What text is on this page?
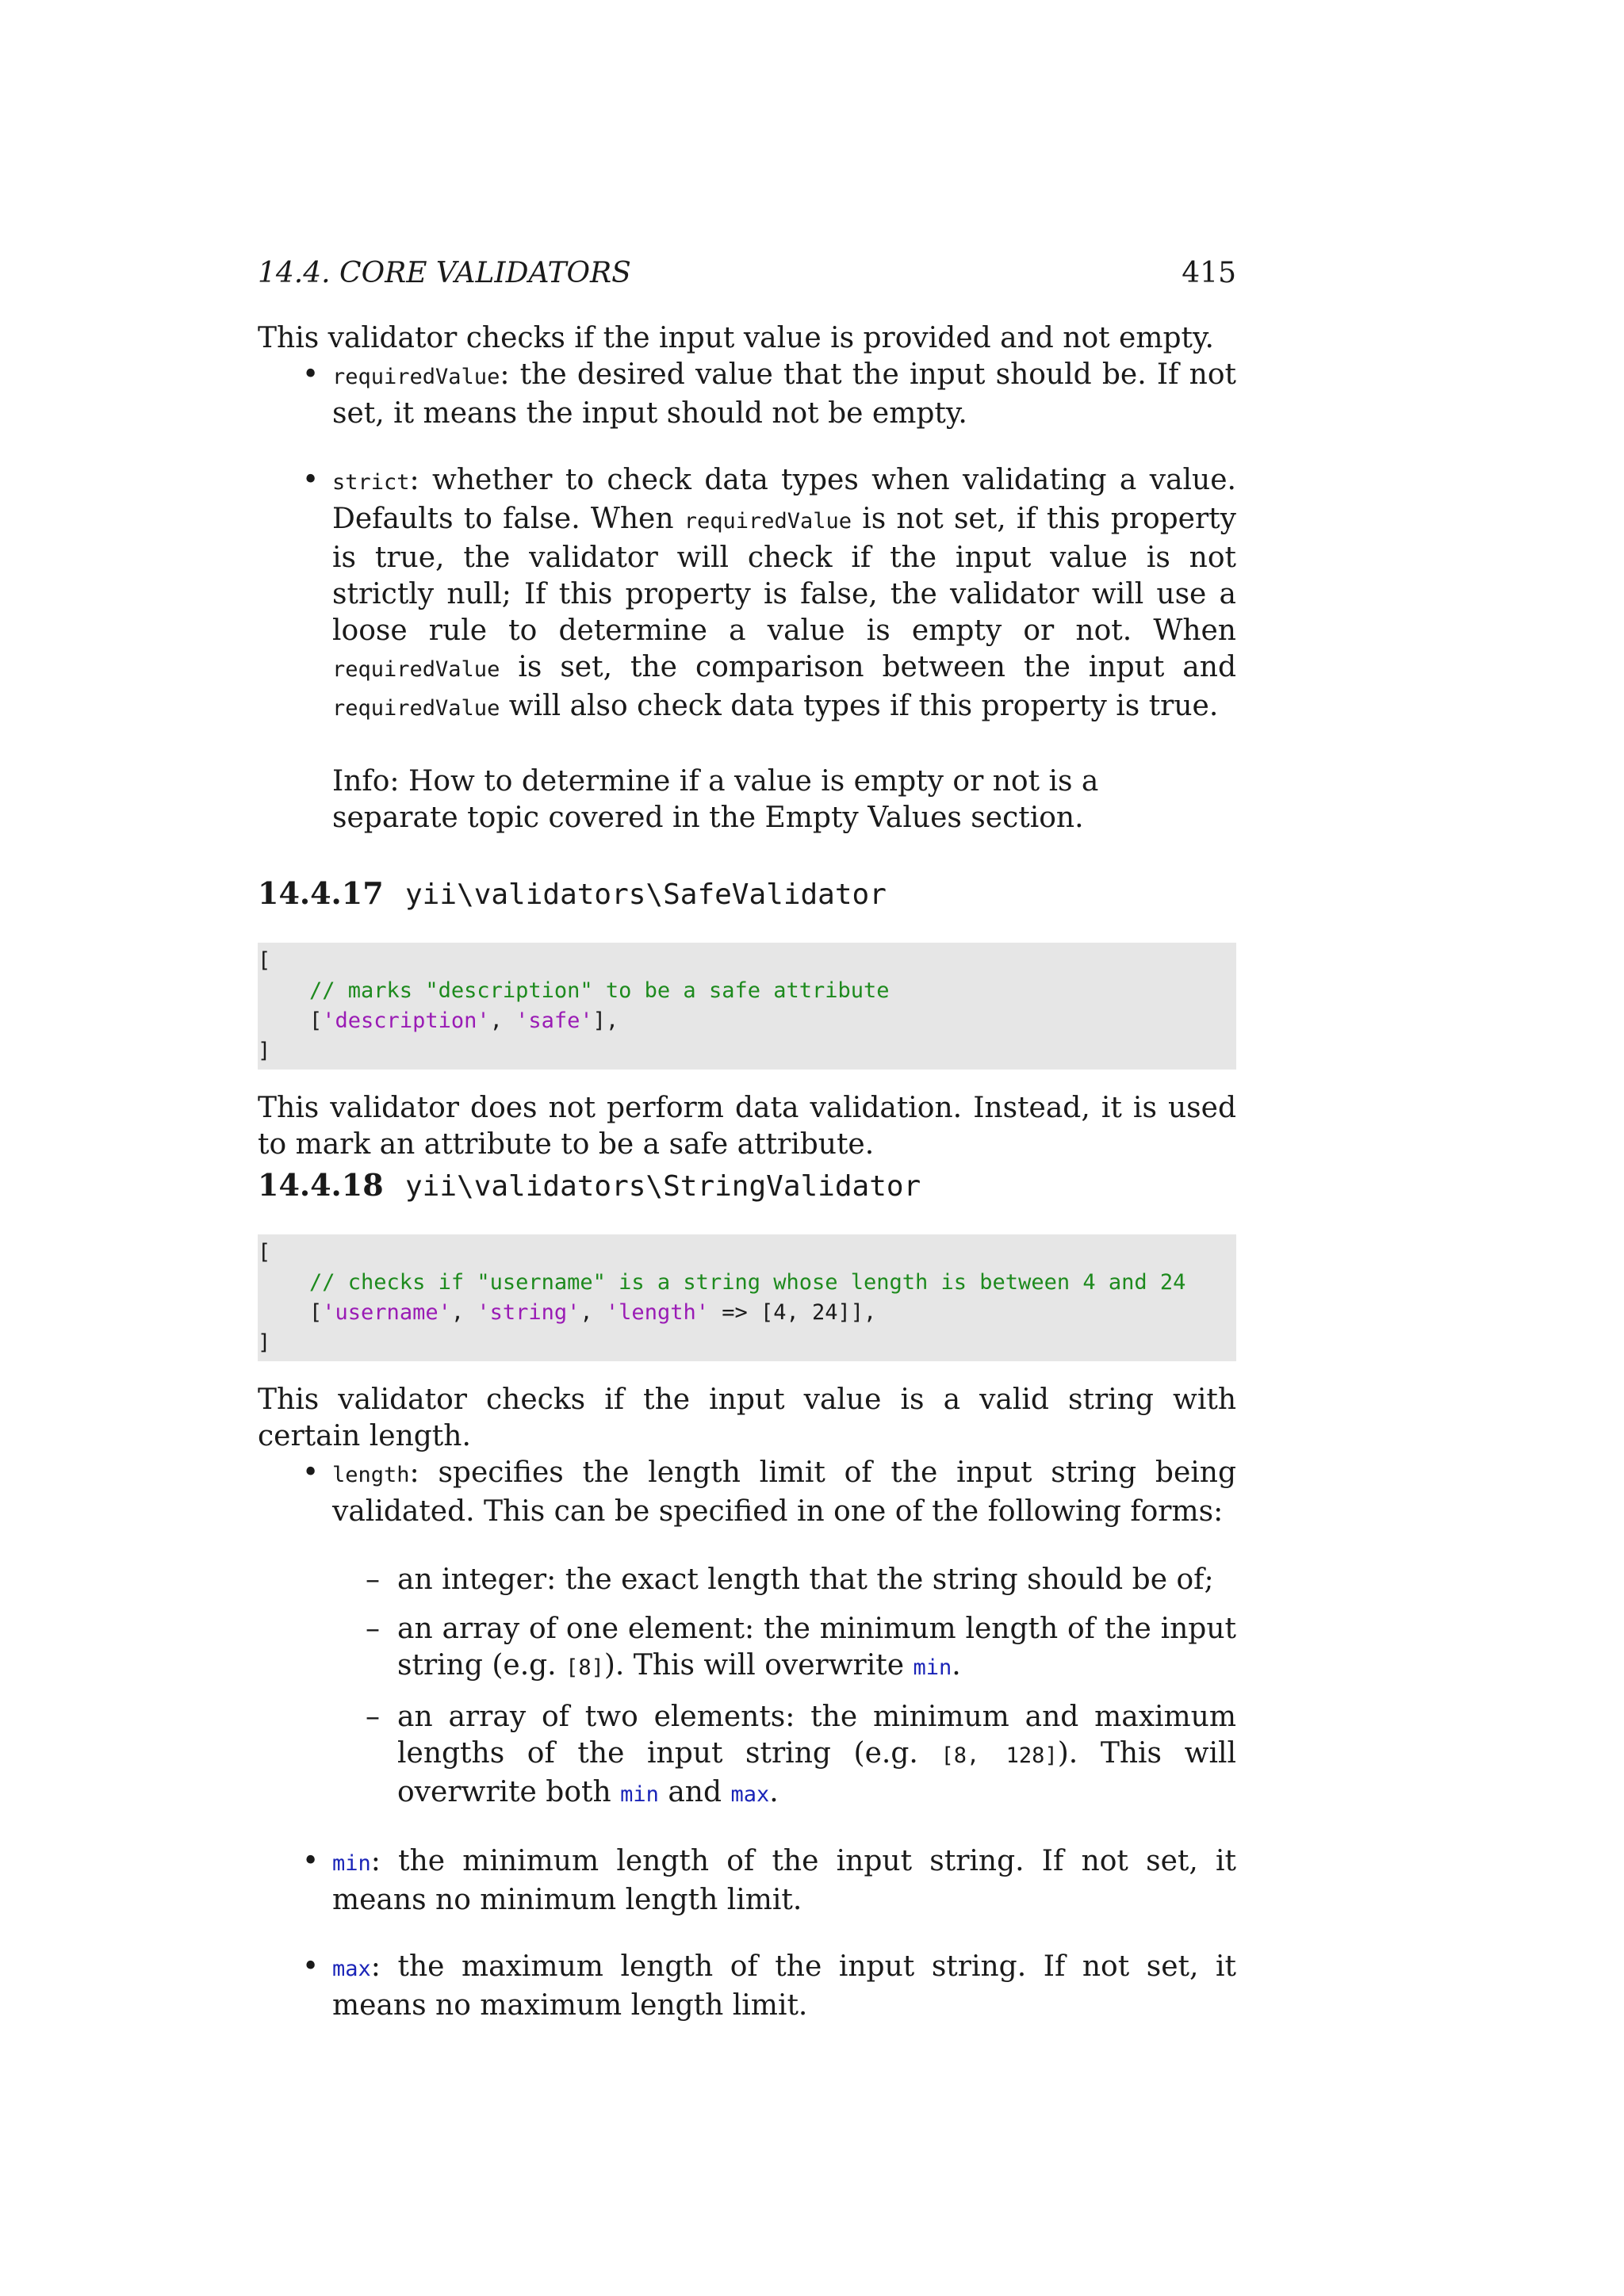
14.4. CORE VALIDATORS	415

This validator checks if the input value is provided and not empty.

• requiredValue: the desired value that the input should be. If not set, it means the input should not be empty.
• strict: whether to check data types when validating a value. Defaults to false. When requiredValue is not set, if this property is true, the validator will check if the input value is not strictly null; If this property is false, the validator will use a loose rule to determine a value is empty or not. When requiredValue is set, the comparison between the input and requiredValue will also check data types if this property is true.

Info: How to determine if a value is empty or not is a separate topic covered in the Empty Values section.

14.4.17 yii\validators\SafeValidator
[
// marks "description" to be a safe attribute
['description', 'safe'],
]

This validator does not perform data validation. Instead, it is used to mark an attribute to be a safe attribute.

14.4.18 yii\validators\StringValidator
[
// checks if "username" is a string whose length is between 4 and 24
['username', 'string', 'length' => [4, 24]],
]

This validator checks if the input value is a valid string with certain length.

• length: specifies the length limit of the input string being validated. This can be specified in one of the following forms:
– an integer: the exact length that the string should be of;
– an array of one element: the minimum length of the input string (e.g. [8]). This will overwrite min.
– an array of two elements: the minimum and maximum lengths of the input string (e.g. [8, 128]). This will overwrite both min and max.
• min: the minimum length of the input string. If not set, it means no minimum length limit.
• max: the maximum length of the input string. If not set, it means no maximum length limit.
